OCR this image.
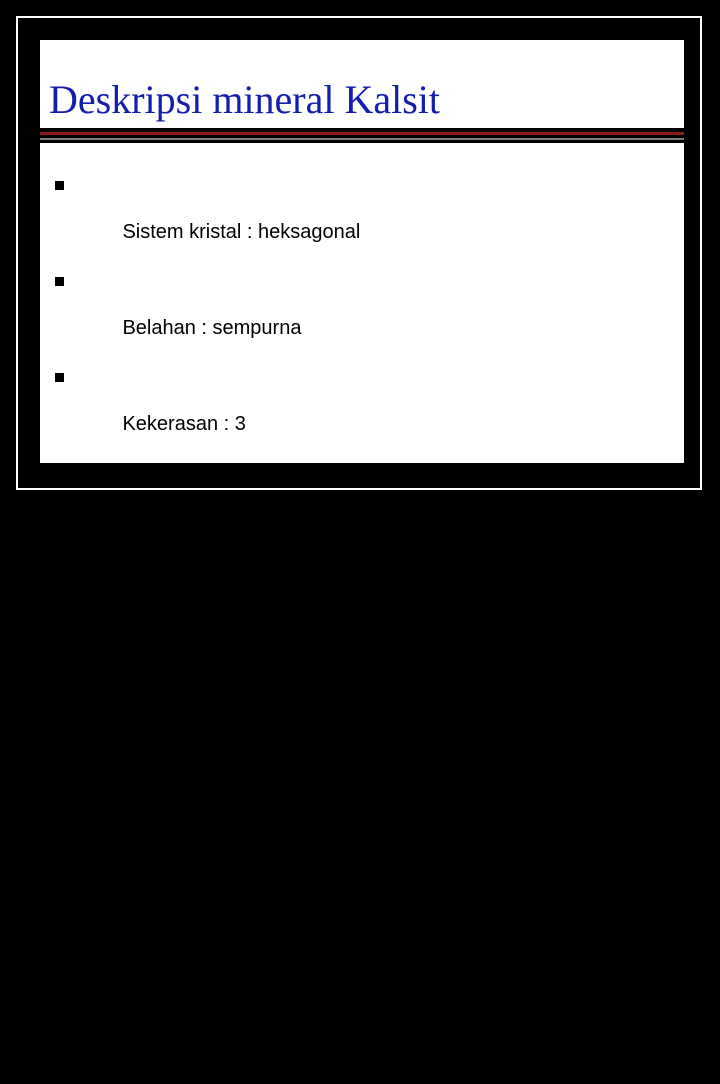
Deskripsi mineral Kalsit

Sistem kristal : heksagonal

Belahan : sempurna

Kekerasan : 3

Bj : 2,71

Kilap  :  kaca

Warna : bening atau putih

Cerat : putih

Optik kompleks

Terdapat: sebagian besar terbentuk di laut sebagai nodul dalam batuan sedimen. Urat hidrotermal sebagai mineral gang, di dalam berbagai batuan beku.
